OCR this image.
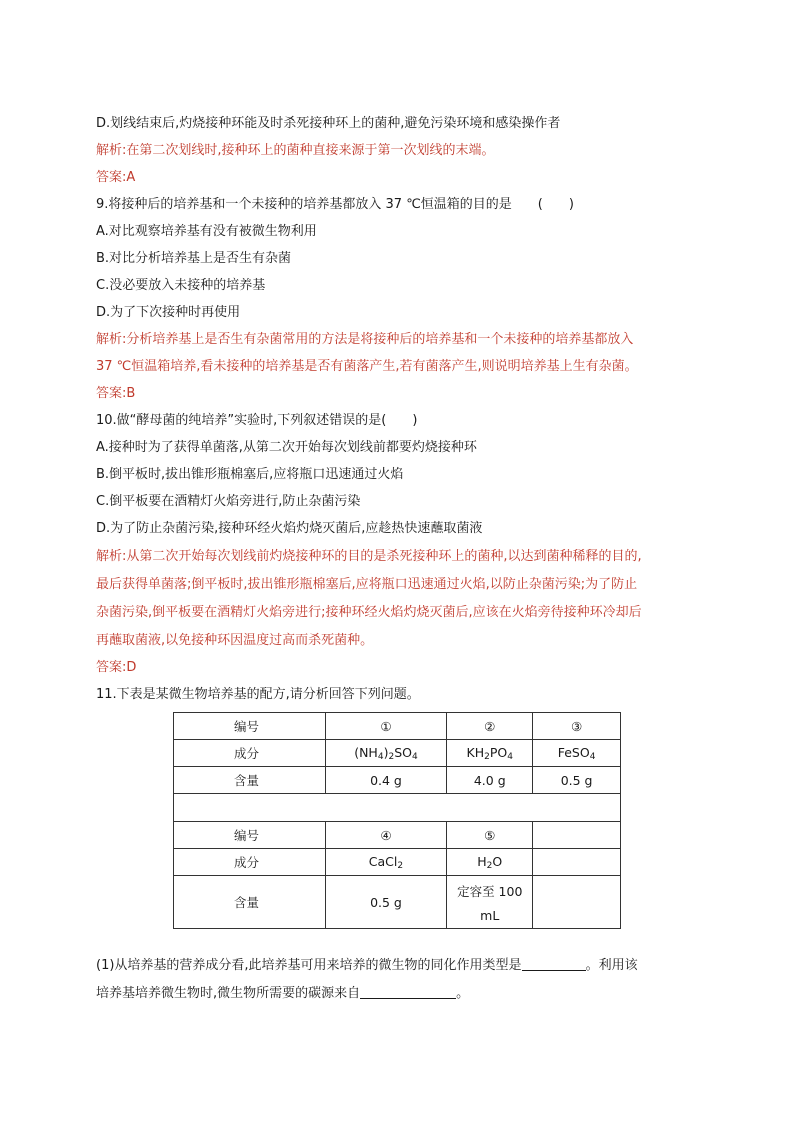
D.划线结束后,灼烧接种环能及时杀死接种环上的菌种,避免污染环境和感染操作者
解析:在第二次划线时,接种环上的菌种直接来源于第一次划线的末端。
答案:A
9.将接种后的培养基和一个未接种的培养基都放入 37 ℃恒温箱的目的是　　(　　)
A.对比观察培养基有没有被微生物利用
B.对比分析培养基上是否生有杂菌
C.没必要放入未接种的培养基
D.为了下次接种时再使用
解析:分析培养基上是否生有杂菌常用的方法是将接种后的培养基和一个未接种的培养基都放入
37 ℃恒温箱培养,看未接种的培养基是否有菌落产生,若有菌落产生,则说明培养基上生有杂菌。
答案:B
10.做“酵母菌的纯培养”实验时,下列叙述错误的是(　　)
A.接种时为了获得单菌落,从第二次开始每次划线前都要灼烧接种环
B.倒平板时,拔出锥形瓶棉塞后,应将瓶口迅速通过火焰
C.倒平板要在酒精灯火焰旁进行,防止杂菌污染
D.为了防止杂菌污染,接种环经火焰灼烧灭菌后,应趁热快速蘸取菌液
解析:从第二次开始每次划线前灼烧接种环的目的是杀死接种环上的菌种,以达到菌种稀释的目的,
最后获得单菌落;倒平板时,拔出锥形瓶棉塞后,应将瓶口迅速通过火焰,以防止杂菌污染;为了防止
杂菌污染,倒平板要在酒精灯火焰旁进行;接种环经火焰灼烧灭菌后,应该在火焰旁待接种环冷却后
再蘸取菌液,以免接种环因温度过高而杀死菌种。
答案:D
11.下表是某微生物培养基的配方,请分析回答下列问题。
编号	①	②	③
成分	$(NH_4)_2SO_4$	$KH_2PO_4$	FeSO$_4$
含量	0.4 g	4.0 g	0.5 g

编号	④	⑤	
成分	CaCl$_2$	$H_2O$	
含量	0.5 g	定容至 100
mL	

(1)从培养基的营养成分看,此培养基可用来培养的微生物的同化作用类型是	。利用该
培养基培养微生物时,微生物所需要的碳源来自	。
